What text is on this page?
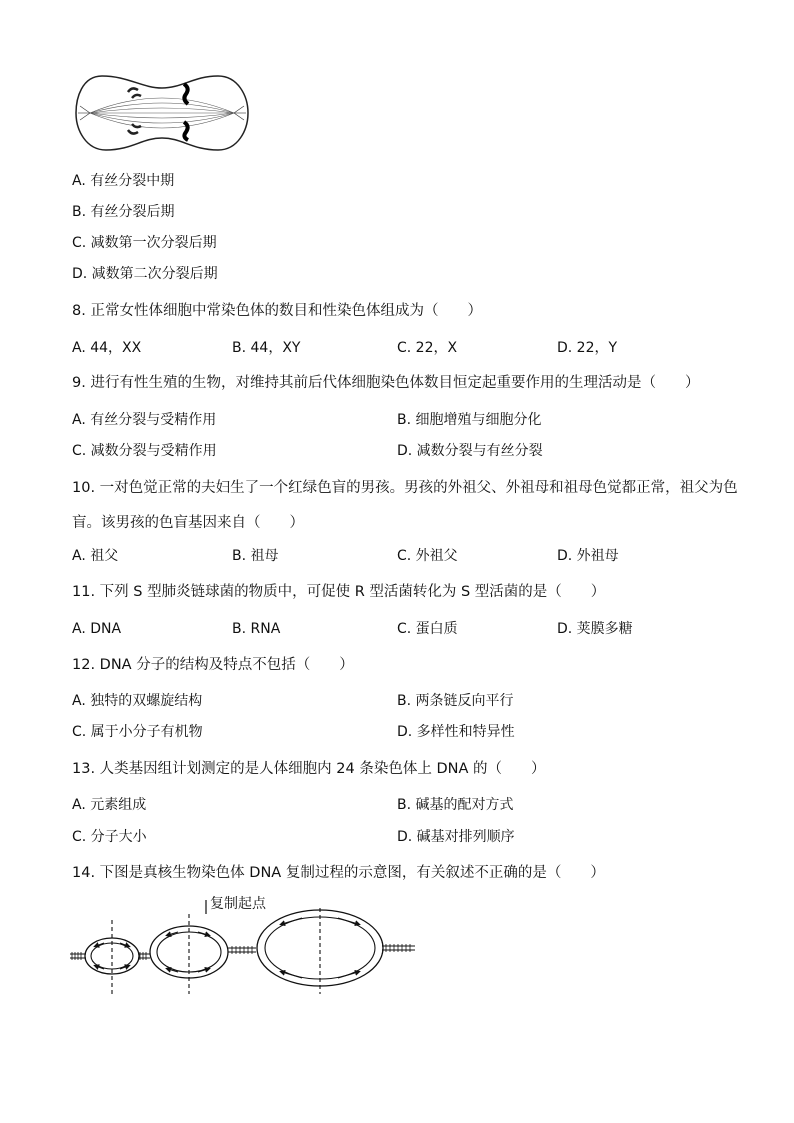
A. 有丝分裂中期
B. 有丝分裂后期
C. 减数第一次分裂后期
D. 减数第二次分裂后期
8. 正常女性体细胞中常染色体的数目和性染色体组成为（　　）
A. 44，XX	B. 44，XY	C. 22，X	D. 22，Y
9. 进行有性生殖的生物，对维持其前后代体细胞染色体数目恒定起重要作用的生理活动是（　　）
A. 有丝分裂与受精作用	B. 细胞增殖与细胞分化
C. 减数分裂与受精作用	D. 减数分裂与有丝分裂
10. 一对色觉正常的夫妇生了一个红绿色盲的男孩。男孩的外祖父、外祖母和祖母色觉都正常，祖父为色
盲。该男孩的色盲基因来自（　　）
A. 祖父	B. 祖母	C. 外祖父	D. 外祖母
11. 下列 S 型肺炎链球菌的物质中，可促使 R 型活菌转化为 S 型活菌的是（　　）
A. DNA	B. RNA	C. 蛋白质	D. 荚膜多糖
12. DNA 分子的结构及特点不包括（　　）
A. 独特的双螺旋结构	B. 两条链反向平行
C. 属于小分子有机物	D. 多样性和特异性
13. 人类基因组计划测定的是人体细胞内 24 条染色体上 DNA 的（　　）
A. 元素组成	B. 碱基的配对方式
C. 分子大小	D. 碱基对排列顺序
14. 下图是真核生物染色体 DNA 复制过程的示意图，有关叙述不正确的是（　　）
复制起点
